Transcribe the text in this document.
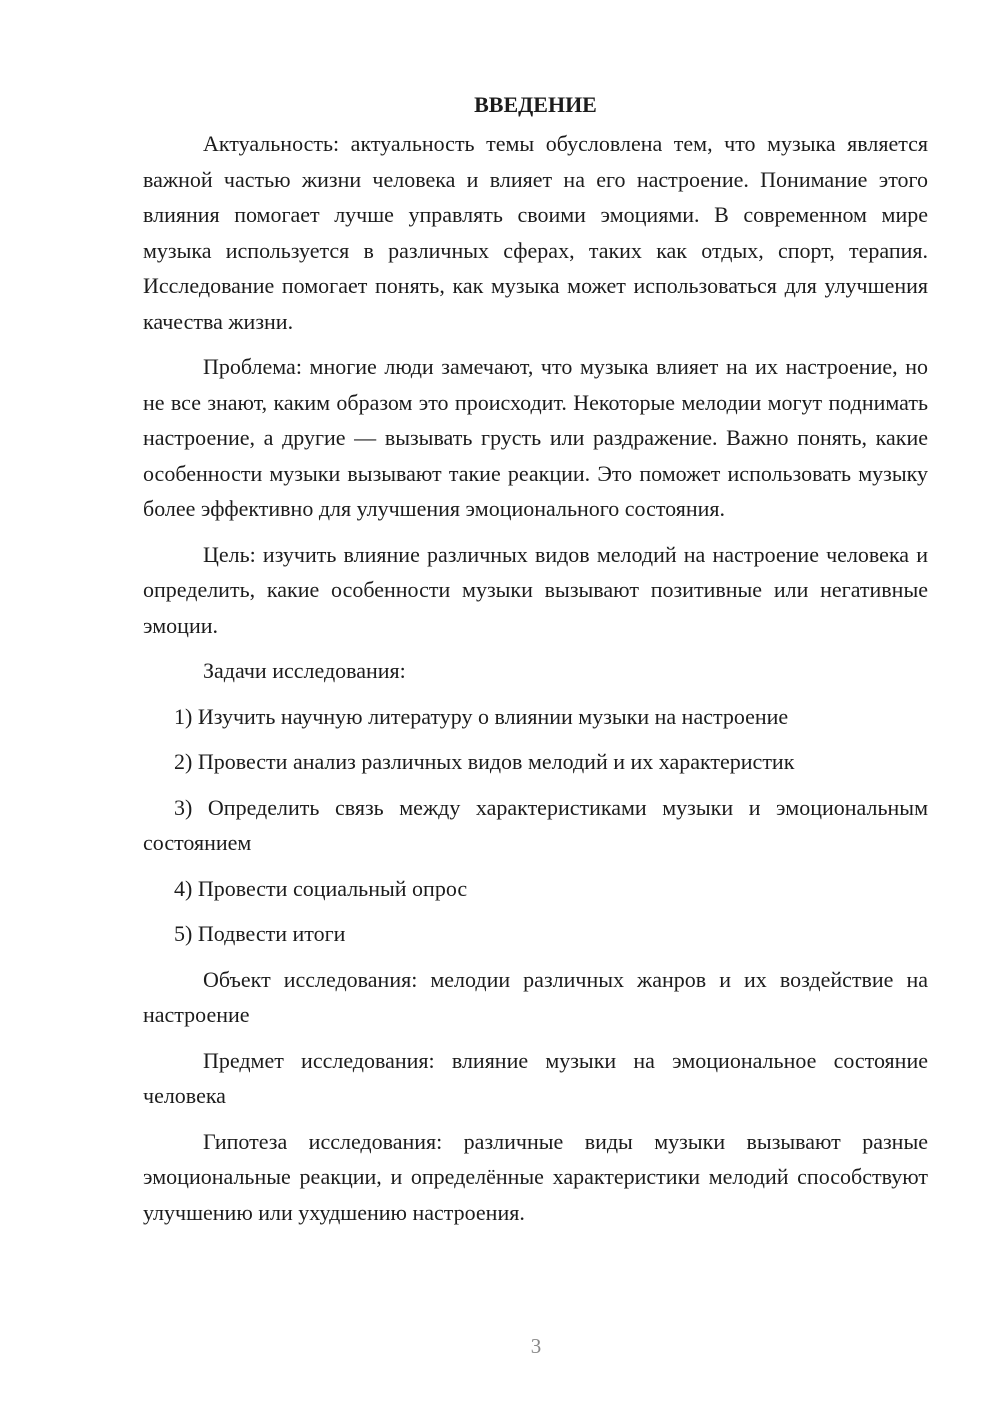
ВВЕДЕНИЕ

Актуальность: актуальность темы обусловлена тем, что музыка является важной частью жизни человека и влияет на его настроение. Понимание этого влияния помогает лучше управлять своими эмоциями. В современном мире музыка используется в различных сферах, таких как отдых, спорт, терапия. Исследование помогает понять, как музыка может использоваться для улучшения качества жизни.

Проблема: многие люди замечают, что музыка влияет на их настроение, но не все знают, каким образом это происходит. Некоторые мелодии могут поднимать настроение, а другие — вызывать грусть или раздражение. Важно понять, какие особенности музыки вызывают такие реакции. Это поможет использовать музыку более эффективно для улучшения эмоционального состояния.

Цель: изучить влияние различных видов мелодий на настроение человека и определить, какие особенности музыки вызывают позитивные или негативные эмоции.

Задачи исследования:

1) Изучить научную литературу о влиянии музыки на настроение

2) Провести анализ различных видов мелодий и их характеристик

3) Определить связь между характеристиками музыки и эмоциональным состоянием

4) Провести социальный опрос

5) Подвести итоги

Объект исследования: мелодии различных жанров и их воздействие на настроение

Предмет исследования: влияние музыки на эмоциональное состояние человека

Гипотеза исследования: различные виды музыки вызывают разные эмоциональные реакции, и определённые характеристики мелодий способствуют улучшению или ухудшению настроения.

3
